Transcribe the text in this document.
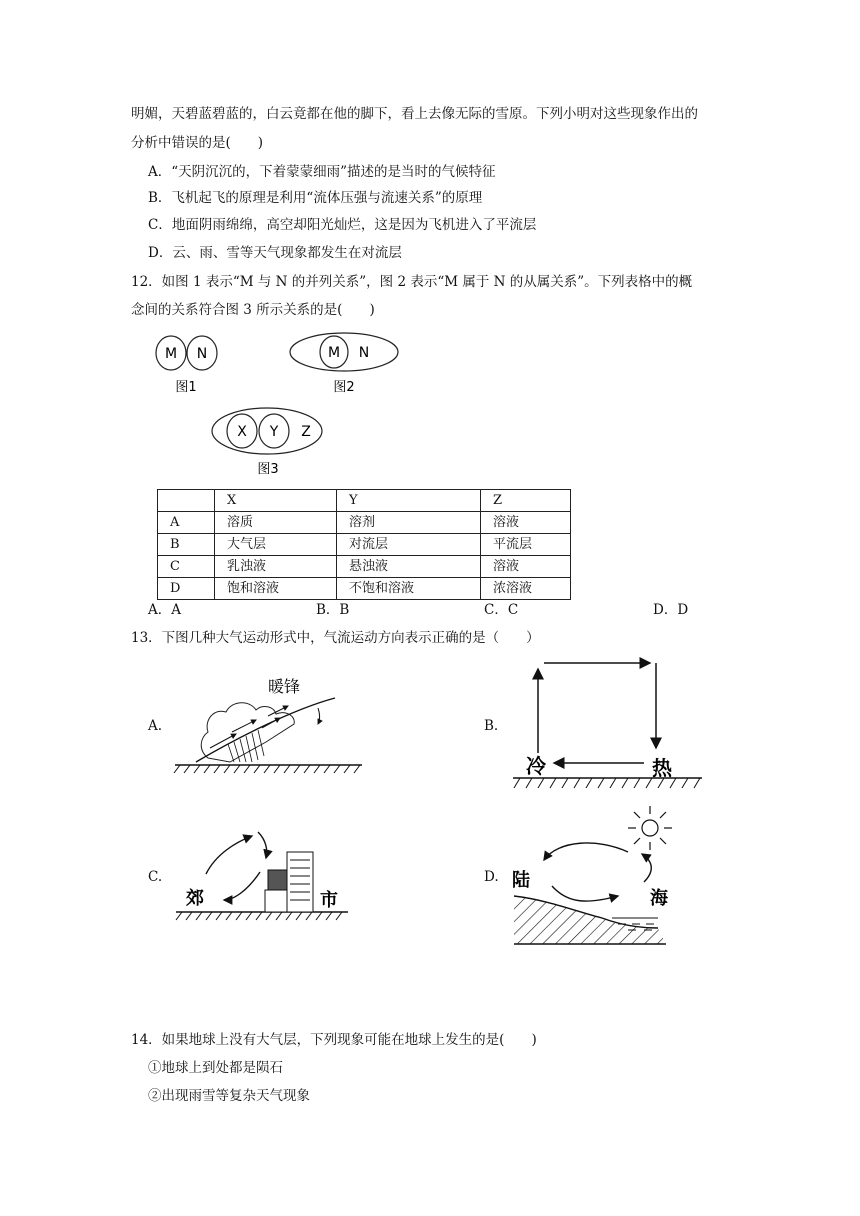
明媚，天碧蓝碧蓝的，白云竟都在他的脚下，看上去像无际的雪原。下列小明对这些现象作出的
分析中错误的是(　　)
A．“天阴沉沉的，下着蒙蒙细雨”描述的是当时的气候特征
B．飞机起飞的原理是利用“流体压强与流速关系”的原理
C．地面阴雨绵绵，高空却阳光灿烂，这是因为飞机进入了平流层
D．云、雨、雪等天气现象都发生在对流层
12．如图 1 表示“M 与 N 的并列关系”，图 2 表示“M 属于 N 的从属关系”。下列表格中的概
念间的关系符合图 3 所示关系的是(　　)
M N
图1
M N
图2
X Y Z
图3
	X	Y	Z
A	溶质	溶剂	溶液
B	大气层	对流层	平流层
C	乳浊液	悬浊液	溶液
D	饱和溶液	不饱和溶液	浓溶液
A．A	B．B	C．C	D．D
13．下图几种大气运动形式中，气流运动方向表示正确的是（　　）
A.	B.
C.	D.
暖锋
冷	热
郊	市
陆
海
14．如果地球上没有大气层，下列现象可能在地球上发生的是(　　)
①地球上到处都是陨石
②出现雨雪等复杂天气现象
